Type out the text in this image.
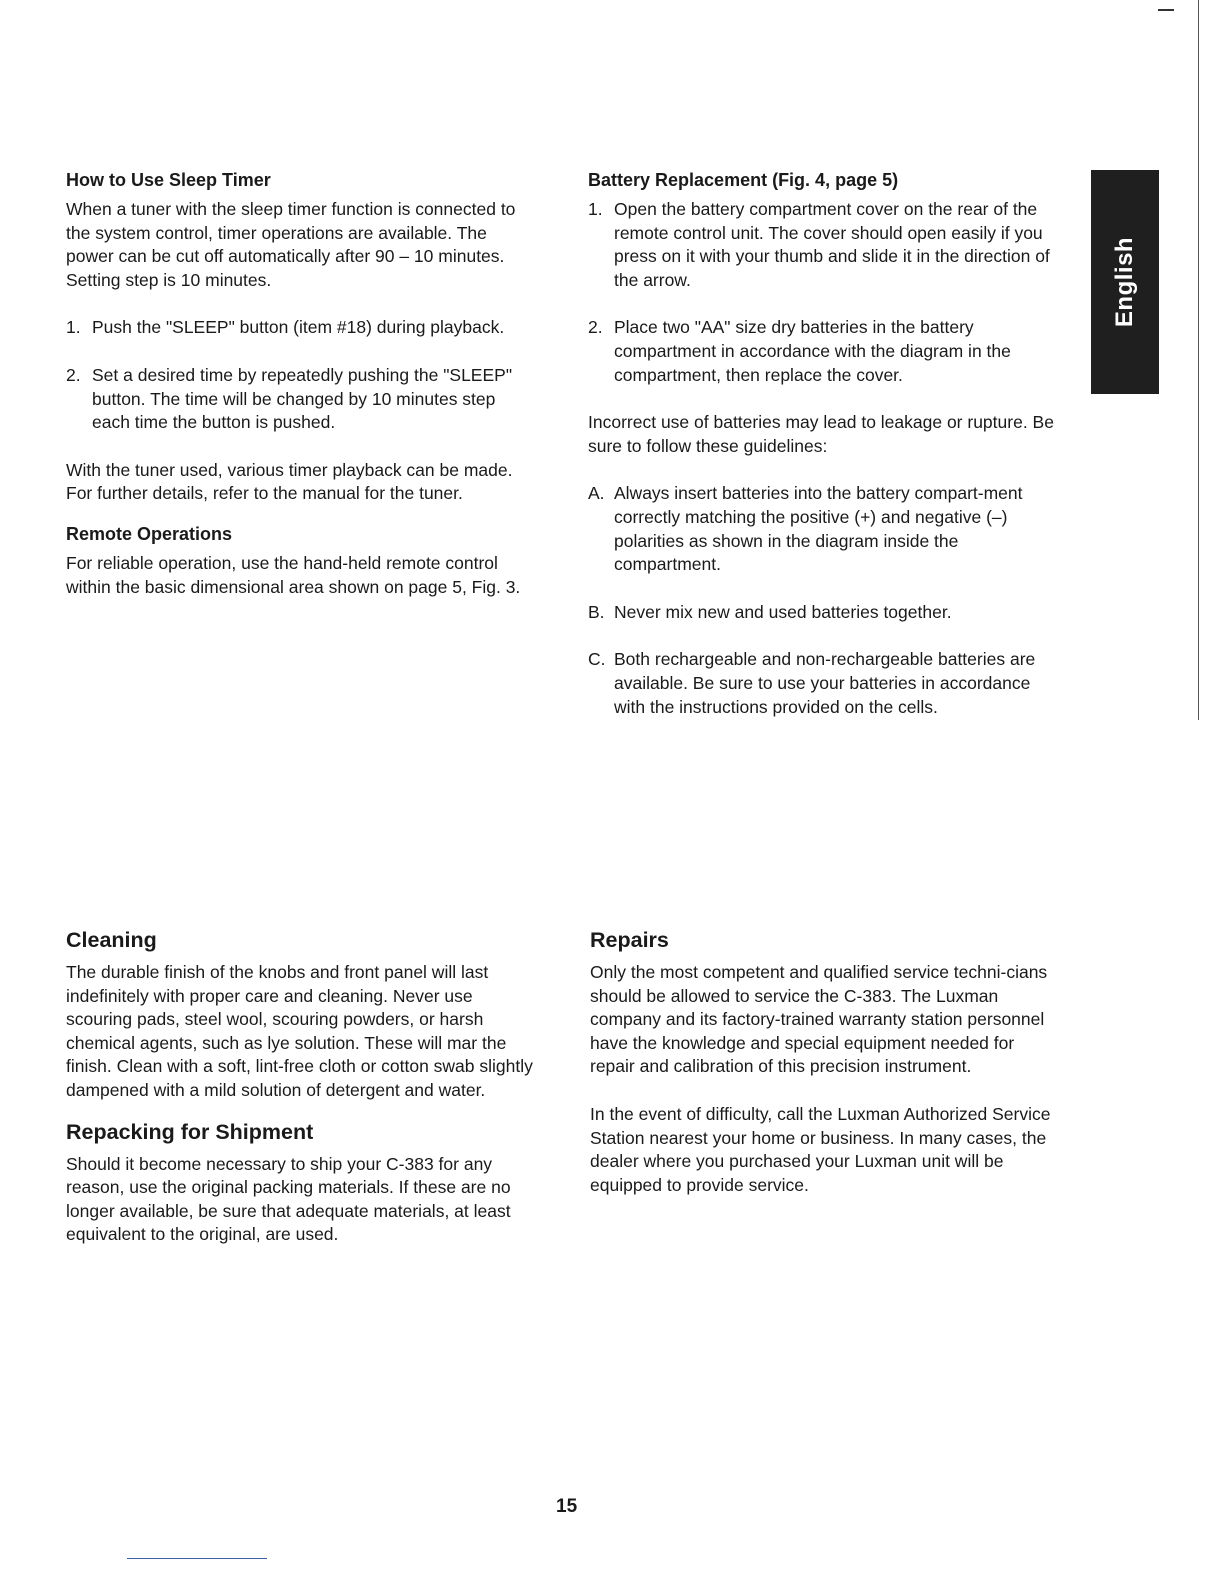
How to Use Sleep Timer

When a tuner with the sleep timer function is connected to the system control, timer operations are available. The power can be cut off automatically after 90 – 10 minutes. Setting step is 10 minutes.

1. Push the "SLEEP" button (item #18) during playback.
2. Set a desired time by repeatedly pushing the "SLEEP" button. The time will be changed by 10 minutes step each time the button is pushed.

With the tuner used, various timer playback can be made. For further details, refer to the manual for the tuner.

Remote Operations

For reliable operation, use the hand-held remote control within the basic dimensional area shown on page 5, Fig. 3.

Battery Replacement (Fig. 4, page 5)
1. Open the battery compartment cover on the rear of the remote control unit. The cover should open easily if you press on it with your thumb and slide it in the direction of the arrow.
2. Place two "AA" size dry batteries in the battery compartment in accordance with the diagram in the compartment, then replace the cover.

Incorrect use of batteries may lead to leakage or rupture. Be sure to follow these guidelines:

A. Always insert batteries into the battery compart-ment correctly matching the positive (+) and negative (–) polarities as shown in the diagram inside the compartment.
B. Never mix new and used batteries together.
C. Both rechargeable and non-rechargeable batteries are available. Be sure to use your batteries in accordance with the instructions provided on the cells.
English
Cleaning

The durable finish of the knobs and front panel will last indefinitely with proper care and cleaning. Never use scouring pads, steel wool, scouring powders, or harsh chemical agents, such as lye solution. These will mar the finish. Clean with a soft, lint-free cloth or cotton swab slightly dampened with a mild solution of detergent and water.

Repacking for Shipment

Should it become necessary to ship your C-383 for any reason, use the original packing materials. If these are no longer available, be sure that adequate materials, at least equivalent to the original, are used.

Repairs

Only the most competent and qualified service techni-cians should be allowed to service the C-383. The Luxman company and its factory-trained warranty station personnel have the knowledge and special equipment needed for repair and calibration of this precision instrument.

In the event of difficulty, call the Luxman Authorized Service Station nearest your home or business. In many cases, the dealer where you purchased your Luxman unit will be equipped to provide service.

15
